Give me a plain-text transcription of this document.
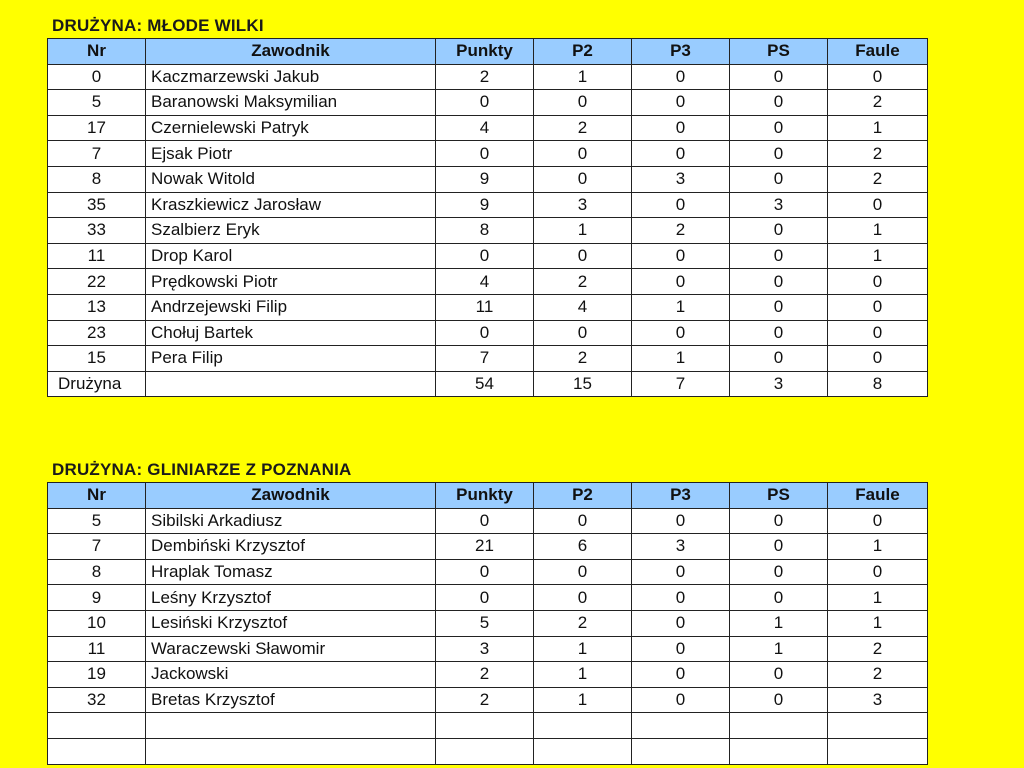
DRUŻYNA: MŁODE WILKI
Nr	Zawodnik	Punkty	P2	P3	PS	Faule
0	Kaczmarzewski Jakub	2	1	0	0	0
5	Baranowski Maksymilian	0	0	0	0	2
17	Czernielewski Patryk	4	2	0	0	1
7	Ejsak Piotr	0	0	0	0	2
8	Nowak Witold	9	0	3	0	2
35	Kraszkiewicz Jarosław	9	3	0	3	0
33	Szalbierz Eryk	8	1	2	0	1
11	Drop Karol	0	0	0	0	1
22	Prędkowski Piotr	4	2	0	0	0
13	Andrzejewski Filip	11	4	1	0	0
23	Chołuj Bartek	0	0	0	0	0
15	Pera Filip	7	2	1	0	0
Drużyna		54	15	7	3	8
DRUŻYNA: GLINIARZE Z POZNANIA
Nr	Zawodnik	Punkty	P2	P3	PS	Faule
5	Sibilski Arkadiusz	0	0	0	0	0
7	Dembiński Krzysztof	21	6	3	0	1
8	Hraplak Tomasz	0	0	0	0	0
9	Leśny Krzysztof	0	0	0	0	1
10	Lesiński Krzysztof	5	2	0	1	1
11	Waraczewski Sławomir	3	1	0	1	2
19	Jackowski	2	1	0	0	2
32	Bretas Krzysztof	2	1	0	0	3
